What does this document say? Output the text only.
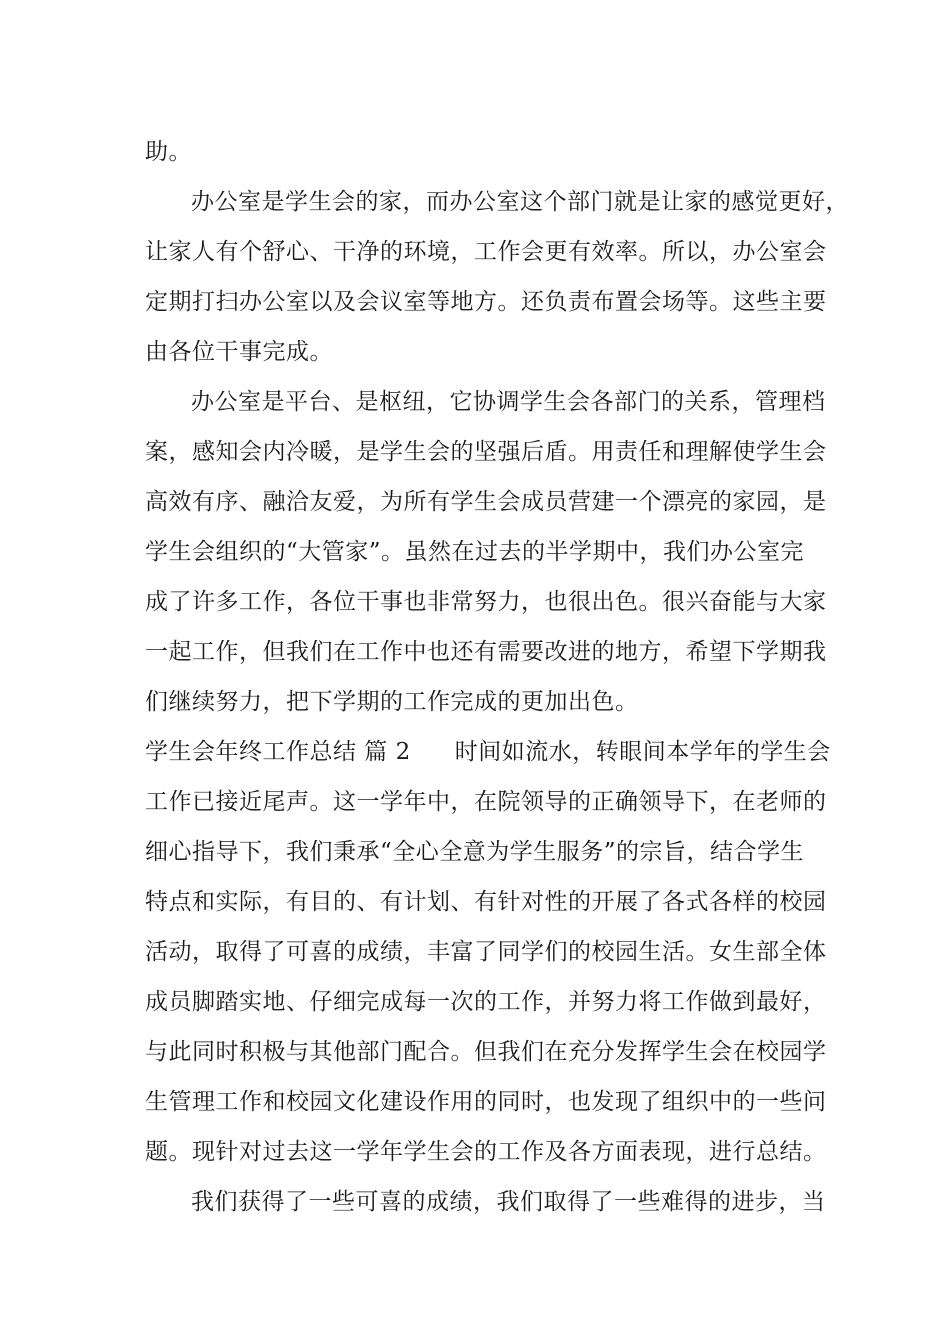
助。
办公室是学生会的家，而办公室这个部门就是让家的感觉更好，
让家人有个舒心、干净的环境，工作会更有效率。所以，办公室会
定期打扫办公室以及会议室等地方。还负责布置会场等。这些主要
由各位干事完成。
办公室是平台、是枢纽，它协调学生会各部门的关系，管理档
案，感知会内冷暖，是学生会的坚强后盾。用责任和理解使学生会
高效有序、融洽友爱，为所有学生会成员营建一个漂亮的家园，是
学生会组织的“大管家”。虽然在过去的半学期中，我们办公室完
成了许多工作，各位干事也非常努力，也很出色。很兴奋能与大家
一起工作，但我们在工作中也还有需要改进的地方，希望下学期我
们继续努力，把下学期的工作完成的更加出色。
学生会年终工作总结 篇 2 时间如流水，转眼间本学年的学生会
工作已接近尾声。这一学年中，在院领导的正确领导下，在老师的
细心指导下，我们秉承“全心全意为学生服务”的宗旨，结合学生
特点和实际，有目的、有计划、有针对性的开展了各式各样的校园
活动，取得了可喜的成绩，丰富了同学们的校园生活。女生部全体
成员脚踏实地、仔细完成每一次的工作，并努力将工作做到最好，
与此同时积极与其他部门配合。但我们在充分发挥学生会在校园学
生管理工作和校园文化建设作用的同时，也发现了组织中的一些问
题。现针对过去这一学年学生会的工作及各方面表现，进行总结。
我们获得了一些可喜的成绩，我们取得了一些难得的进步，当
